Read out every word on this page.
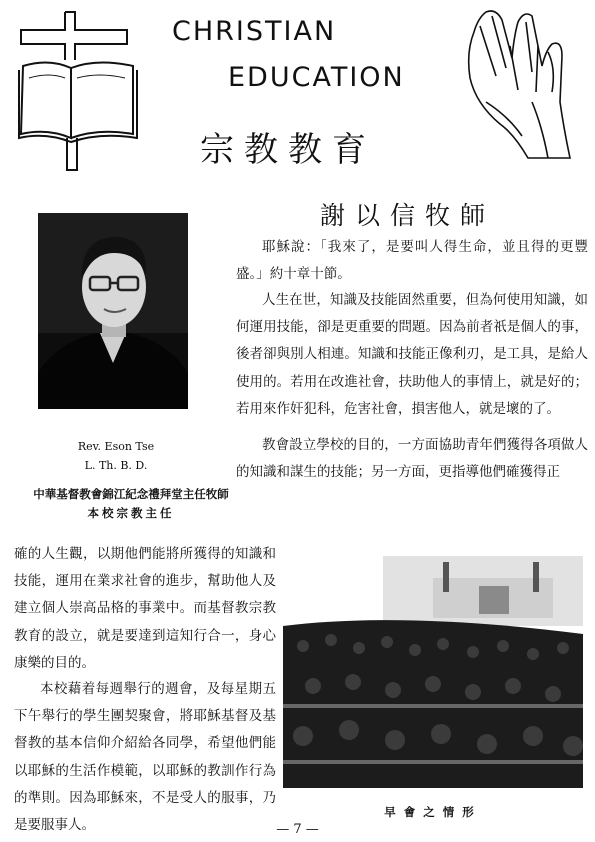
CHRISTIAN
EDUCATION
宗教教育
Rev. Eson Tse
L. Th. B. D.
中華基督教會錦江紀念禮拜堂主任牧師
本校宗教主任
謝以信牧師

耶穌說：「我來了，是要叫人得生命，並且得的更豐盛。」約十章十節。

人生在世，知識及技能固然重要，但為何使用知識，如何運用技能，卻是更重要的問題。因為前者祇是個人的事，後者卻與別人相連。知識和技能正像利刃，是工具，是給人使用的。若用在改進社會，扶助他人的事情上，就是好的；若用來作奸犯科，危害社會，損害他人，就是壞的了。

教會設立學校的目的，一方面協助青年們獲得各項做人的知識和謀生的技能；另一方面，更指導他們確獲得正

確的人生觀，以期他們能將所獲得的知識和技能，運用在業求社會的進步，幫助他人及建立個人崇高品格的事業中。而基督教宗教教育的設立，就是要達到這知行合一，身心康樂的目的。

本校藉着每週舉行的週會，及每星期五下午舉行的學生團契聚會，將耶穌基督及基督教的基本信仰介紹給各同學，希望他們能以耶穌的生活作模範，以耶穌的教訓作行為的準則。因為耶穌來，不是受人的服事，乃是要服事人。

早會之情形
— 7 —
